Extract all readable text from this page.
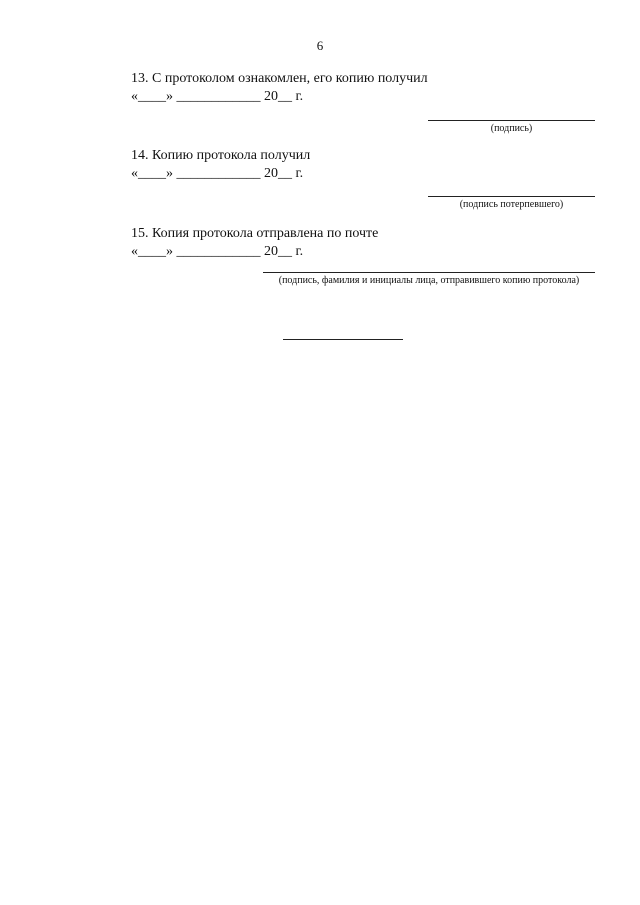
6
13. С протоколом ознакомлен, его копию получил
«____» ____________ 20__ г.
(подпись)
14. Копию протокола получил
«____» ____________ 20__ г.
(подпись потерпевшего)
15. Копия протокола отправлена по почте
«____» ____________ 20__ г.
(подпись, фамилия и инициалы лица, отправившего копию протокола)
